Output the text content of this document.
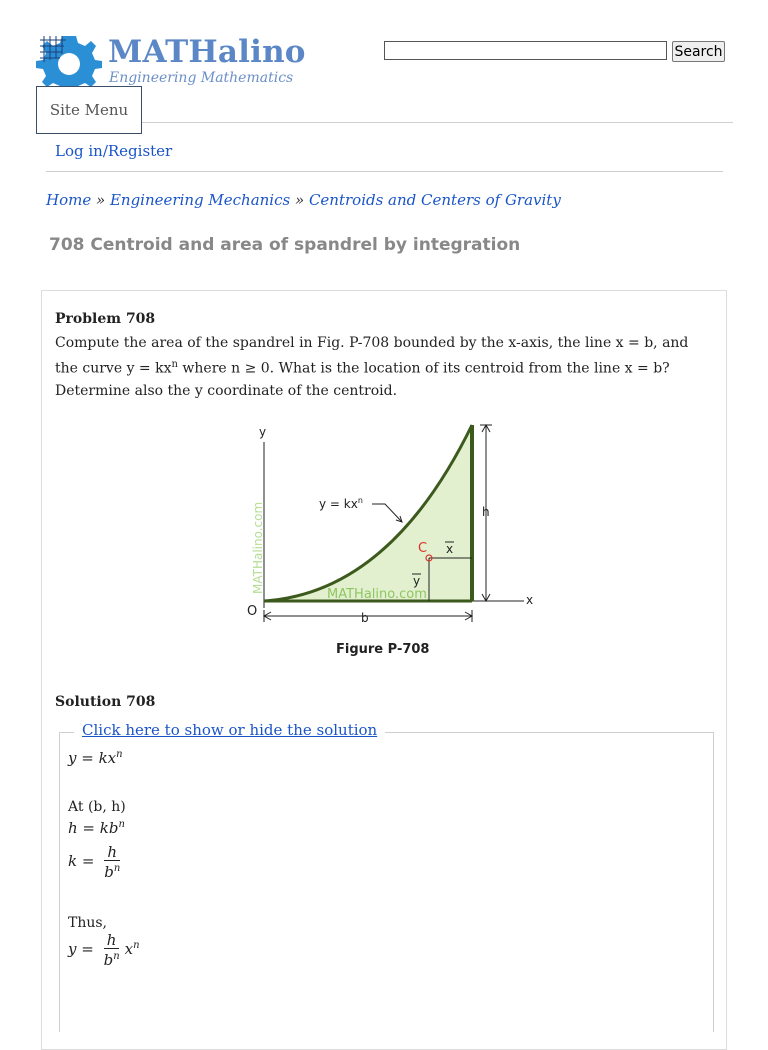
MATHalino
Engineering Mathematics
Search
Site Menu
Log in/Register
Home » Engineering Mechanics » Centroids and Centers of Gravity
708 Centroid and area of spandrel by integration
Problem 708
Compute the area of the spandrel in Fig. P-708 bounded by the x-axis, the line x = b, and
the curve $y = kx^n$ where n ≥ 0. What is the location of its centroid from the line x = b?
Determine also the y coordinate of the centroid.
y
x
O
$y = kx^n$
h
b
C x
y
MATHalino.com
MATHalino.com
Figure P-708
Solution 708
Click here to show or hide the solution
$y = kx^n$
At (b, h)
$h = kb^n$
$k = \frac{h}{b^n}$
Thus,
$y = \frac{h}{b^n} x^n$
